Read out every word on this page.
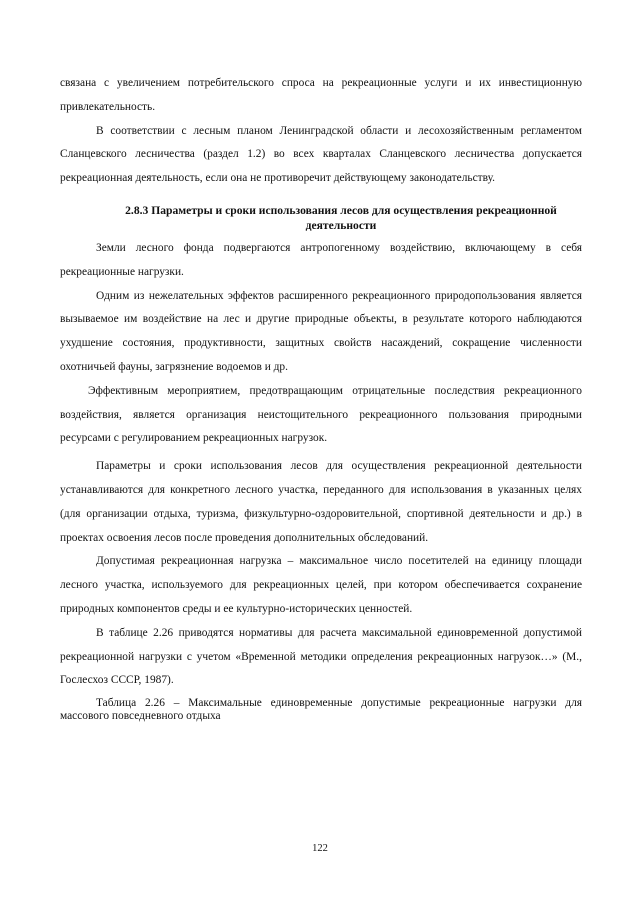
связана с увеличением потребительского спроса на рекреационные услуги и их инвестиционную привлекательность.

В соответствии с лесным планом Ленинградской области и лесохозяйственным регламентом Сланцевского лесничества (раздел 1.2) во всех кварталах Сланцевского лесничества допускается рекреационная деятельность, если она не противоречит действующему законодательству.

2.8.3 Параметры и сроки использования лесов для осуществления рекреационной деятельности

Земли лесного фонда подвергаются антропогенному воздействию, включающему в себя рекреационные нагрузки.

Одним из нежелательных эффектов расширенного рекреационного природопользования является вызываемое им воздействие на лес и другие природные объекты, в результате которого наблюдаются ухудшение состояния, продуктивности, защитных свойств насаждений, сокращение численности охотничьей фауны, загрязнение водоемов и др.

Эффективным мероприятием, предотвращающим отрицательные последствия рекреационного воздействия, является организация неистощительного рекреационного пользования природными ресурсами с регулированием рекреационных нагрузок.

Параметры и сроки использования лесов для осуществления рекреационной деятельности устанавливаются для конкретного лесного участка, переданного для использования в указанных целях (для организации отдыха, туризма, физкультурно-оздоровительной, спортивной деятельности и др.) в проектах освоения лесов после проведения дополнительных обследований.

Допустимая рекреационная нагрузка – максимальное число посетителей на единицу площади лесного участка, используемого для рекреационных целей, при котором обеспечивается сохранение природных компонентов среды и ее культурно-исторических ценностей.

В таблице 2.26 приводятся нормативы для расчета максимальной единовременной допустимой рекреационной нагрузки с учетом «Временной методики определения рекреационных нагрузок…» (М., Гослесхоз СССР, 1987).

Таблица 2.26 – Максимальные единовременные допустимые рекреационные нагрузки для массового повседневного отдыха

122
